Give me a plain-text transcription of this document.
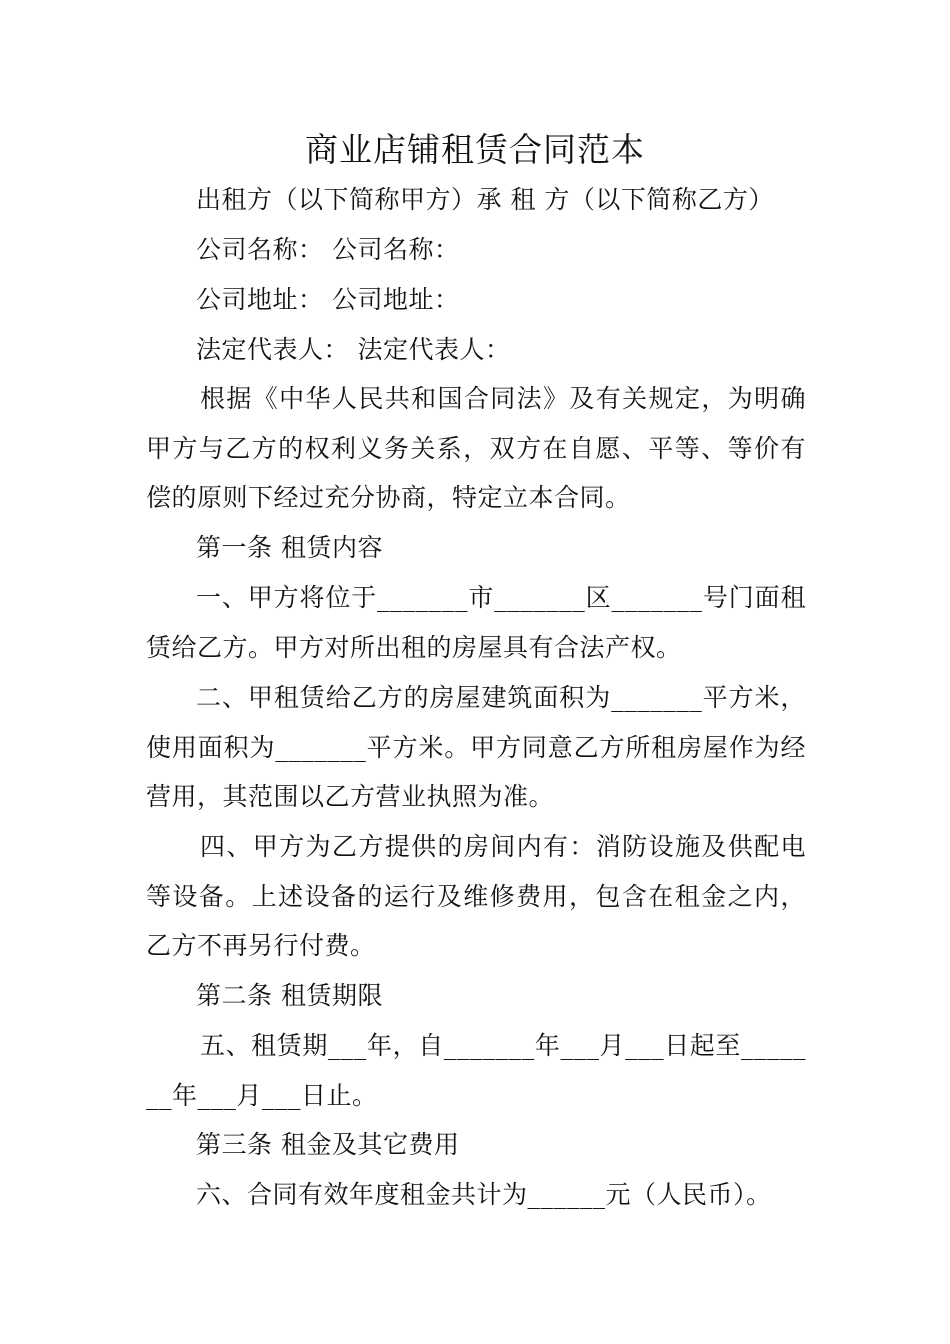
商业店铺租赁合同范本
出租方（以下简称甲方）承 租 方（以下简称乙方）
公司名称： 公司名称：
公司地址： 公司地址：
法定代表人： 法定代表人：
根据《中华人民共和国合同法》及有关规定，为明确
甲方与乙方的权利义务关系，双方在自愿、平等、等价有
偿的原则下经过充分协商，特定立本合同。
第一条 租赁内容
一、甲方将位于_______市_______区_______号门面租
赁给乙方。甲方对所出租的房屋具有合法产权。
二、甲租赁给乙方的房屋建筑面积为_______平方米，
使用面积为_______平方米。甲方同意乙方所租房屋作为经
营用，其范围以乙方营业执照为准。
四、甲方为乙方提供的房间内有：消防设施及供配电
等设备。上述设备的运行及维修费用，包含在租金之内，
乙方不再另行付费。
第二条 租赁期限
五、租赁期___年，自_______年___月___日起至_____
__年___月___日止。
第三条 租金及其它费用
六、合同有效年度租金共计为______元（人民币）。
